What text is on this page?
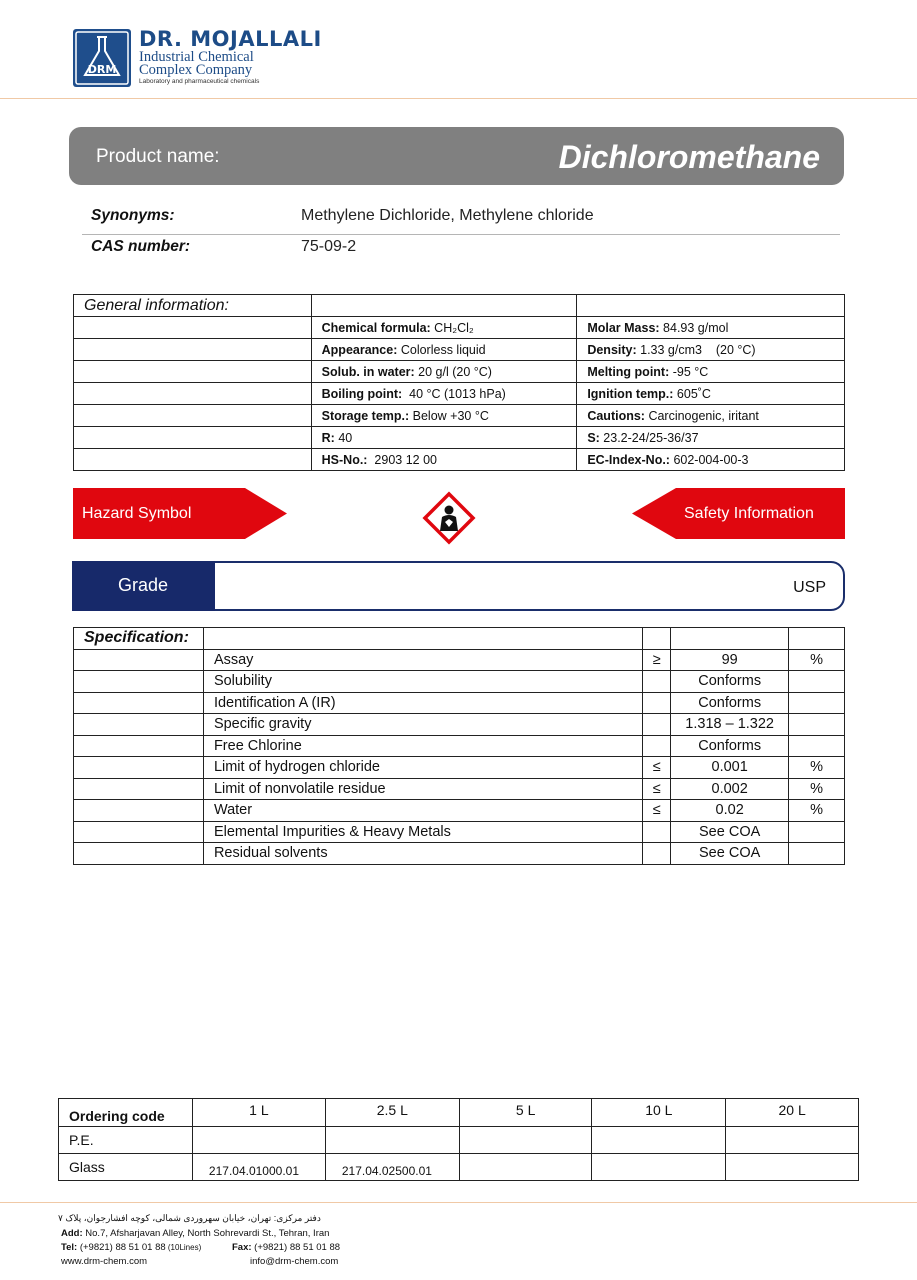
DRM
DR. MOJALLALI
Industrial Chemical
Complex Company
Laboratory and pharmaceutical chemicals
Product name:	Dichloromethane
Synonyms:	Methylene Dichloride, Methylene chloride
CAS number:	75-09-2
General information:		
	Chemical formula: CH₂Cl₂	Molar Mass: 84.93 g/mol
	Appearance: Colorless liquid	Density: 1.33 g/cm3    (20 °C)
	Solub. in water: 20 g/l (20 °C)	Melting point: -95 °C
	Boiling point:  40 °C (1013 hPa)	Ignition temp.: 605˚C
	Storage temp.: Below +30 °C	Cautions: Carcinogenic, iritant
	R: 40	S: 23.2-24/25-36/37
	HS-No.:  2903 12 00	EC-Index-No.: 602-004-00-3
Hazard Symbol	Safety Information
Grade	USP
Specification:				
	Assay	≥	99	%
	Solubility		Conforms	
	Identification A (IR)		Conforms	
	Specific gravity		1.318 – 1.322	
	Free Chlorine		Conforms	
	Limit of hydrogen chloride	≤	0.001	%
	Limit of nonvolatile residue	≤	0.002	%
	Water	≤	0.02	%
	Elemental Impurities & Heavy Metals		See COA	
	Residual solvents		See COA	
Ordering code	1 L	2.5 L	5 L	10 L	20 L
P.E.					
Glass	217.04.01000.01	217.04.02500.01			
دفتر مرکزی: تهران، خیابان سهروردی شمالی، کوچه افشارجوان، پلاک ۷
Add: No.7, Afsharjavan Alley, North Sohrevardi St., Tehran, Iran
Tel: (+9821) 88 51 01 88 (10Lines)	Fax: (+9821) 88 51 01 88
www.drm-chem.com	info@drm-chem.com
